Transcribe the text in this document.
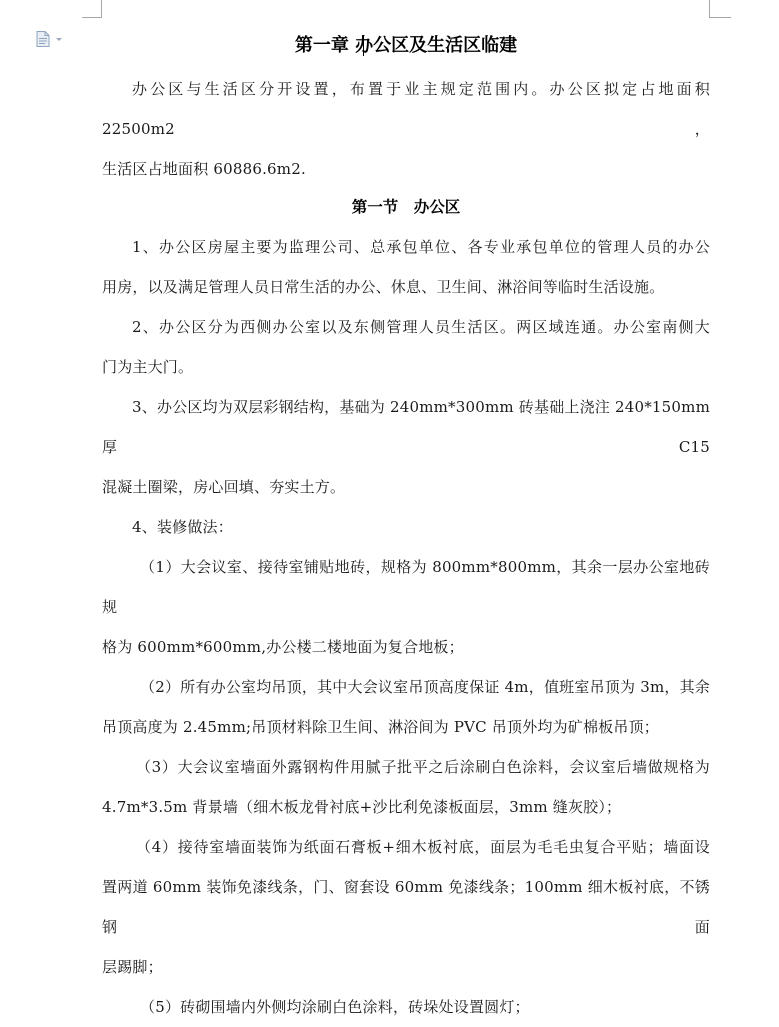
第一章 办公区及生活区临建

办公区与生活区分开设置，布置于业主规定范围内。办公区拟定占地面积 22500m2，
生活区占地面积 60886.6m2.

第一节　办公区

1、办公区房屋主要为监理公司、总承包单位、各专业承包单位的管理人员的办公
用房，以及满足管理人员日常生活的办公、休息、卫生间、淋浴间等临时生活设施。

2、办公区分为西侧办公室以及东侧管理人员生活区。两区域连通。办公室南侧大
门为主大门。

3、办公区均为双层彩钢结构，基础为 240mm*300mm 砖基础上浇注 240*150mm 厚 C15
混凝土圈梁，房心回填、夯实土方。

4、装修做法：

（1）大会议室、接待室铺贴地砖，规格为 800mm*800mm，其余一层办公室地砖规
格为 600mm*600mm,办公楼二楼地面为复合地板；

（2）所有办公室均吊顶，其中大会议室吊顶高度保证 4m，值班室吊顶为 3m，其余
吊顶高度为 2.45mm;吊顶材料除卫生间、淋浴间为 PVC 吊顶外均为矿棉板吊顶；

（3）大会议室墙面外露钢构件用腻子批平之后涂刷白色涂料，会议室后墙做规格为
4.7m*3.5m 背景墙（细木板龙骨衬底+沙比利免漆板面层，3mm 缝灰胶）；

（4）接待室墙面装饰为纸面石膏板+细木板衬底，面层为毛毛虫复合平贴；墙面设
置两道 60mm 装饰免漆线条，门、窗套设 60mm 免漆线条；100mm 细木板衬底，不锈钢面
层踢脚；

（5）砖砌围墙内外侧均涂刷白色涂料，砖垛处设置圆灯；
